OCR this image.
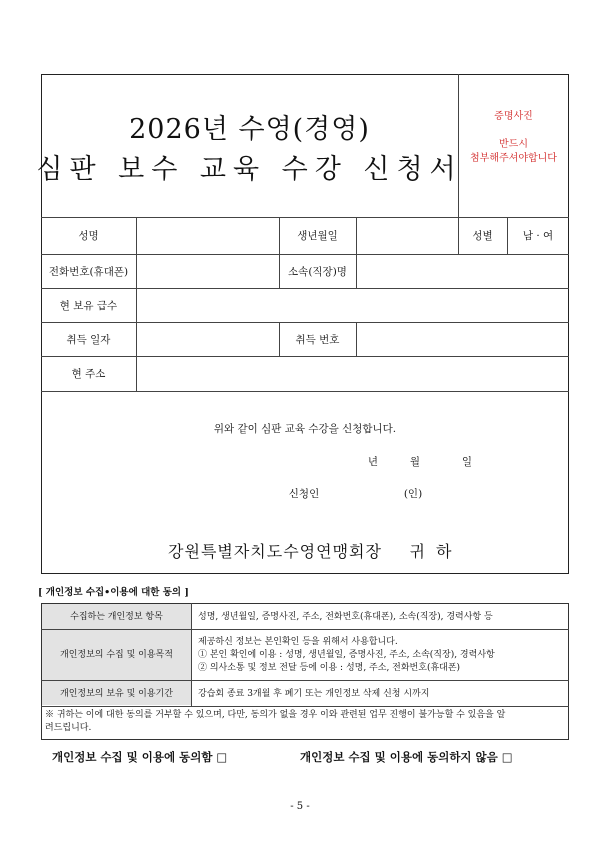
2026년 수영(경영)
심판 보수 교육 수강 신청서
증명사진
반드시
첨부해주셔야합니다
성명	생년월일	성별	남 · 여
전화번호(휴대폰)	소속(직장)명
현 보유 급수
취득 일자	취득 번호
현 주소
위와 같이 심판 교육 수강을 신청합니다.
년	월	일
신청인	(인)
강원특별자치도수영연맹회장	귀 하
[ 개인정보 수집•이용에 대한 동의 ]
수집하는 개인정보 항목	성명, 생년월일, 증명사진, 주소, 전화번호(휴대폰), 소속(직장), 경력사항 등
개인정보의 수집 및 이용목적
제공하신 정보는 본인확인 등을 위해서 사용합니다.
① 본인 확인에 이용 : 성명, 생년월일, 증명사진, 주소, 소속(직장), 경력사항
② 의사소통 및 정보 전달 등에 이용 : 성명, 주소, 전화번호(휴대폰)
개인정보의 보유 및 이용기간	강습회 종료 3개월 후 폐기 또는 개인정보 삭제 신청 시까지
※ 귀하는 이에 대한 동의를 거부할 수 있으며, 다만, 동의가 없을 경우 이와 관련된 업무 진행이 불가능할 수 있음을 알
려드립니다.
개인정보 수집 및 이용에 동의함 □	개인정보 수집 및 이용에 동의하지 않음 □
- 5 -
